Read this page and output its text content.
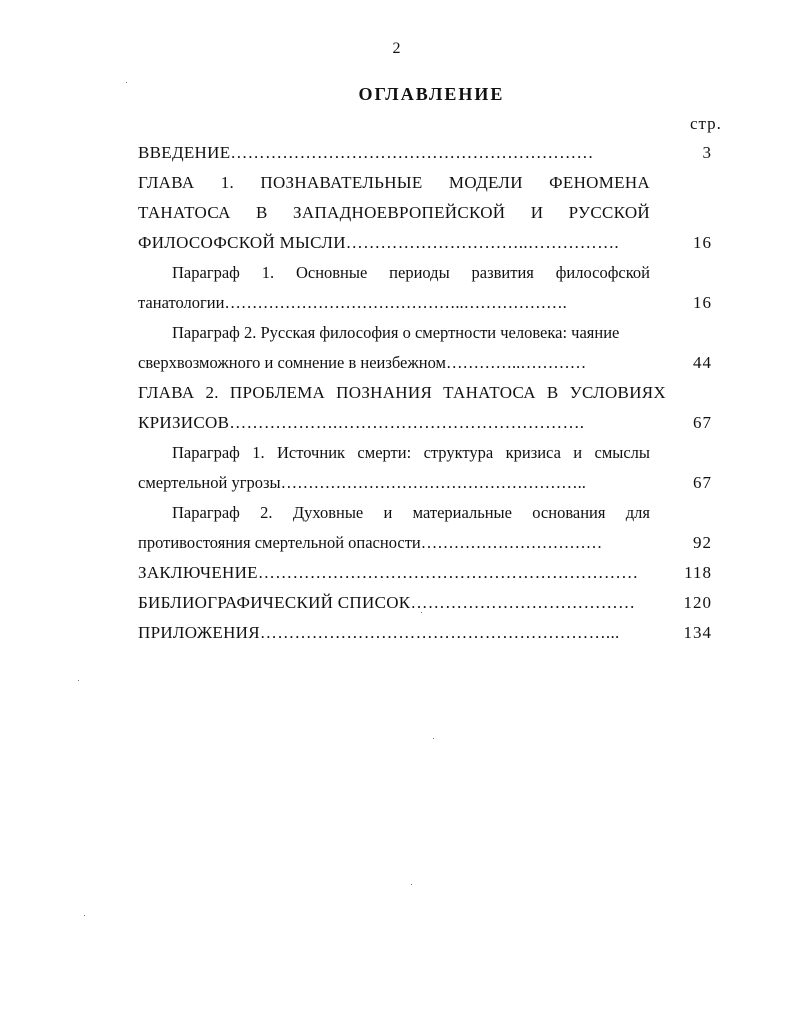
2
ОГЛАВЛЕНИЕ
стр.
ВВЕДЕНИЕ………………………………………………………	3
ГЛАВА 1. ПОЗНАВАТЕЛЬНЫЕ МОДЕЛИ ФЕНОМЕНА
ТАНАТОСА В ЗАПАДНОЕВРОПЕЙСКОЙ И РУССКОЙ
ФИЛОСОФСКОЙ МЫСЛИ…………………………..…………….	16
Параграф 1. Основные периоды развития философской
танатологии……………………………………..……………….	16
Параграф 2. Русская философия о смертности человека: чаяние
сверхвозможного и сомнение в неизбежном…………..…………	44
ГЛАВА 2. ПРОБЛЕМА ПОЗНАНИЯ ТАНАТОСА В УСЛОВИЯХ
КРИЗИСОВ……………….…………………………………….	67
Параграф 1. Источник смерти: структура кризиса и смыслы
смертельной угрозы………………………………………………..	67
Параграф 2. Духовные и материальные основания для
противостояния смертельной опасности……………………………	92
ЗАКЛЮЧЕНИЕ…………………………………………………………	118
БИБЛИОГРАФИЧЕСКИЙ СПИСОК…………………………………	120
ПРИЛОЖЕНИЯ……………………………………………………...	134
